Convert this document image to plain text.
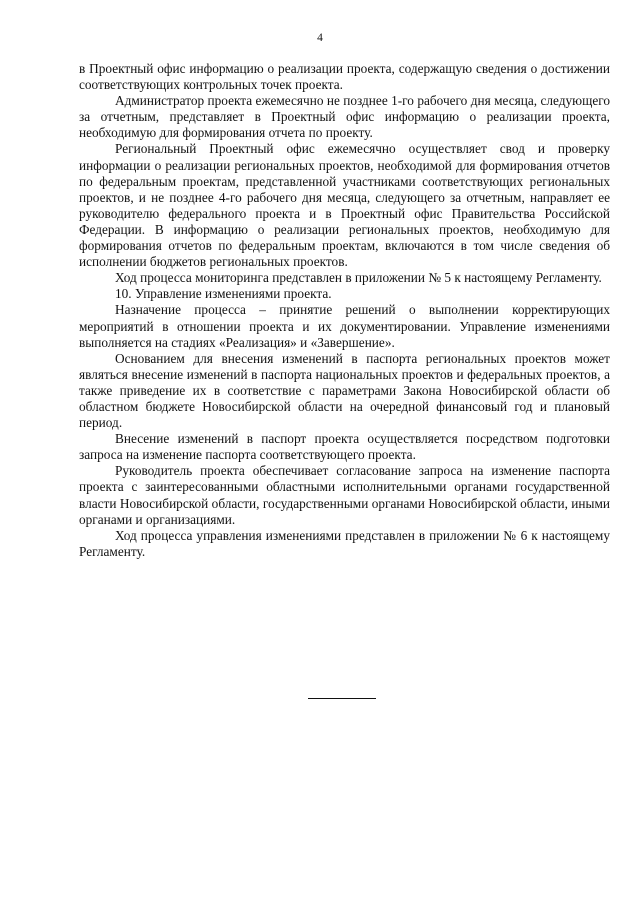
4

в Проектный офис информацию о реализации проекта, содержащую сведения о достижении соответствующих контрольных точек проекта.

Администратор проекта ежемесячно не позднее 1-го рабочего дня месяца, следующего за отчетным, представляет в Проектный офис информацию о реализации проекта, необходимую для формирования отчета по проекту.

Региональный Проектный офис ежемесячно осуществляет свод и проверку информации о реализации региональных проектов, необходимой для формирования отчетов по федеральным проектам, представленной участниками соответствующих региональных проектов, и не позднее 4-го рабочего дня месяца, следующего за отчетным, направляет ее руководителю федерального проекта и в Проектный офис Правительства Российской Федерации. В информацию о реализации региональных проектов, необходимую для формирования отчетов по федеральным проектам, включаются в том числе сведения об исполнении бюджетов региональных проектов.

Ход процесса мониторинга представлен в приложении № 5 к настоящему Регламенту.

10. Управление изменениями проекта.

Назначение процесса – принятие решений о выполнении корректирующих мероприятий в отношении проекта и их документировании. Управление изменениями выполняется на стадиях «Реализация» и «Завершение».

Основанием для внесения изменений в паспорта региональных проектов может являться внесение изменений в паспорта национальных проектов и федеральных проектов, а также приведение их в соответствие с параметрами Закона Новосибирской области об областном бюджете Новосибирской области на очередной финансовый год и плановый период.

Внесение изменений в паспорт проекта осуществляется посредством подготовки запроса на изменение паспорта соответствующего проекта.

Руководитель проекта обеспечивает согласование запроса на изменение паспорта проекта с заинтересованными областными исполнительными органами государственной власти Новосибирской области, государственными органами Новосибирской области, иными органами и организациями.

Ход процесса управления изменениями представлен в приложении № 6 к настоящему Регламенту.
